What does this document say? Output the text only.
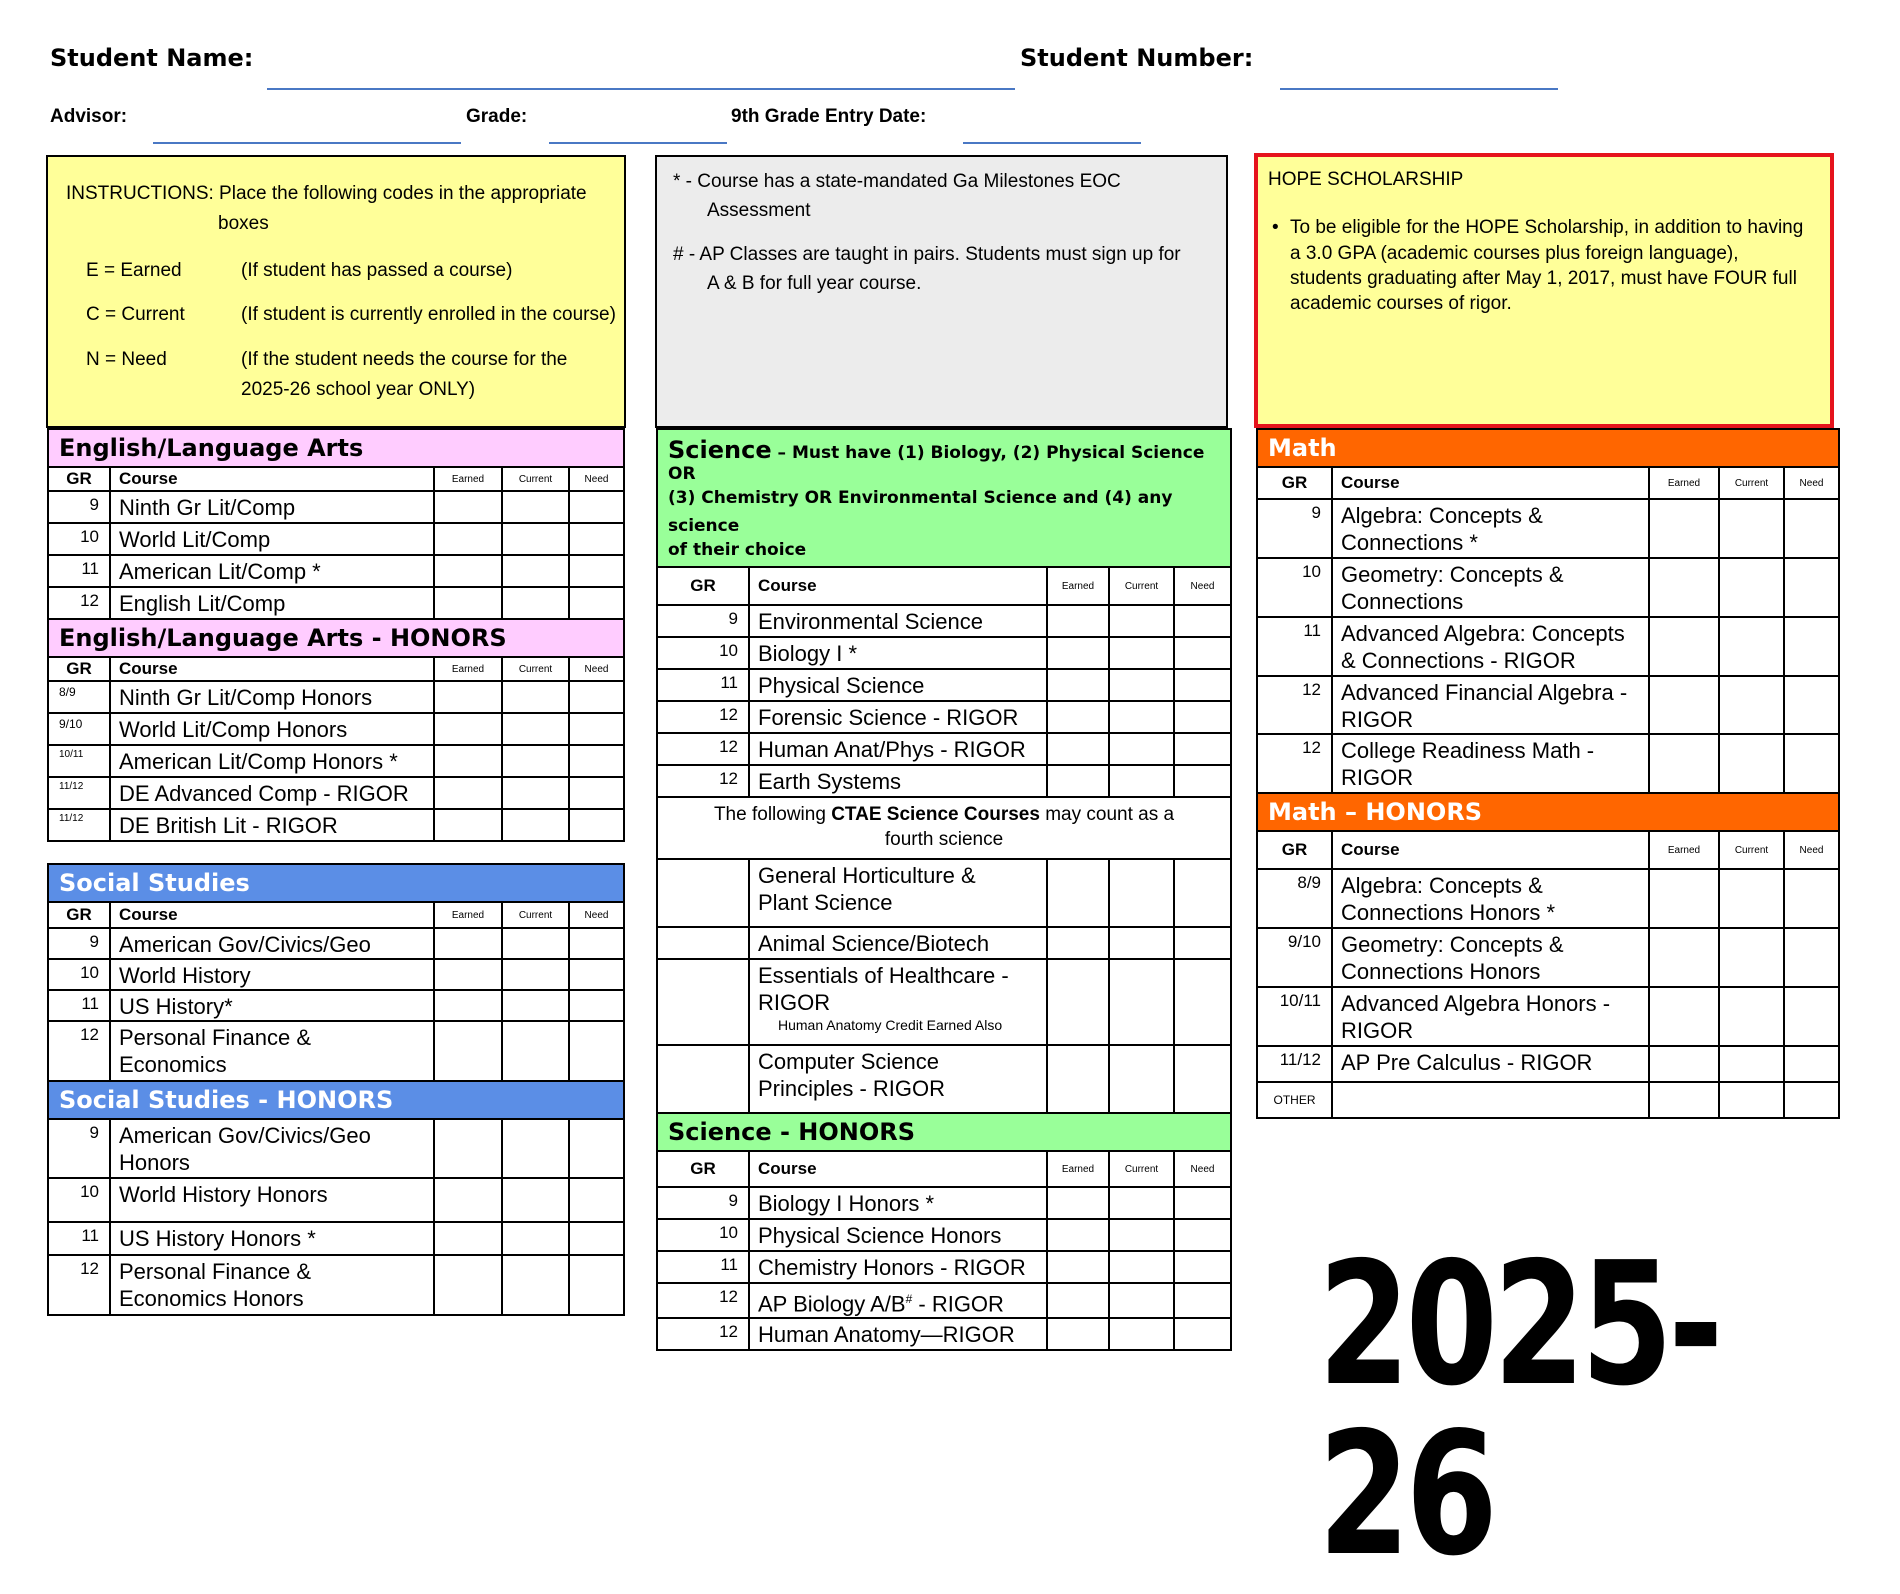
Student Name:	Student Number:
Advisor:	Grade:	9th Grade Entry Date:
INSTRUCTIONS: Place the following codes in the appropriate
boxes
E = Earned	(If student has passed a course)
C = Current	(If student is currently enrolled in the course)
N = Need	(If the student needs the course for the
2025-26 school year ONLY)
* - Course has a state-mandated Ga Milestones EOC
Assessment
# - AP Classes are taught in pairs. Students must sign up for
A & B for full year course.
HOPE SCHOLARSHIP
• To be eligible for the HOPE Scholarship, in addition to having
a 3.0 GPA (academic courses plus foreign language),
students graduating after May 1, 2017, must have FOUR full
academic courses of rigor.
English/Language Arts				
GR	Course	Earned	Current	Need
9	Ninth Gr Lit/Comp			
10	World Lit/Comp			
11	American Lit/Comp *			
12	English Lit/Comp			
English/Language Arts - HONORS				
GR	Course	Earned	Current	Need
8/9	Ninth Gr Lit/Comp Honors			
9/10	World Lit/Comp Honors			
10/11	American Lit/Comp Honors *			
11/12	DE Advanced Comp - RIGOR			
11/12	DE British Lit - RIGOR			
Social Studies				
GR	Course	Earned	Current	Need
9	American Gov/Civics/Geo			
10	World History			
11	US History*			
12	Personal Finance &
Economics			
Social Studies - HONORS				
9	American Gov/Civics/Geo
Honors			
10	World History Honors			
11	US History Honors *			
12	Personal Finance &
Economics Honors			
Science – Must have (1) Biology, (2) Physical Science OR
(3) Chemistry OR Environmental Science and (4) any science
of their choice				
GR	Course	Earned	Current	Need
9	Environmental Science			
10	Biology I *			
11	Physical Science			
12	Forensic Science - RIGOR			
12	Human Anat/Phys - RIGOR			
12	Earth Systems			
The following CTAE Science Courses may count as a
fourth science				
	General Horticulture &
Plant Science			
	Animal Science/Biotech			
	Essentials of Healthcare -
RIGOR
Human Anatomy Credit Earned Also			

	Computer Science
Principles - RIGOR			
Science - HONORS				
GR	Course	Earned	Current	Need
9	Biology I Honors *			
10	Physical Science Honors			
11	Chemistry Honors - RIGOR			
12	AP Biology A/B# - RIGOR			
12	Human Anatomy—RIGOR			
Math				
GR	Course	Earned	Current	Need
9	Algebra: Concepts &
Connections *			
10	Geometry: Concepts &
Connections			
11	Advanced Algebra: Concepts
& Connections - RIGOR			
12	Advanced Financial Algebra -
RIGOR			
12	College Readiness Math -
RIGOR			
Math – HONORS				
GR	Course	Earned	Current	Need
8/9	Algebra: Concepts &
Connections Honors *			
9/10	Geometry: Concepts &
Connections Honors			
10/11	Advanced Algebra Honors -
RIGOR			
11/12	AP Pre Calculus - RIGOR			
OTHER				
2025-26
